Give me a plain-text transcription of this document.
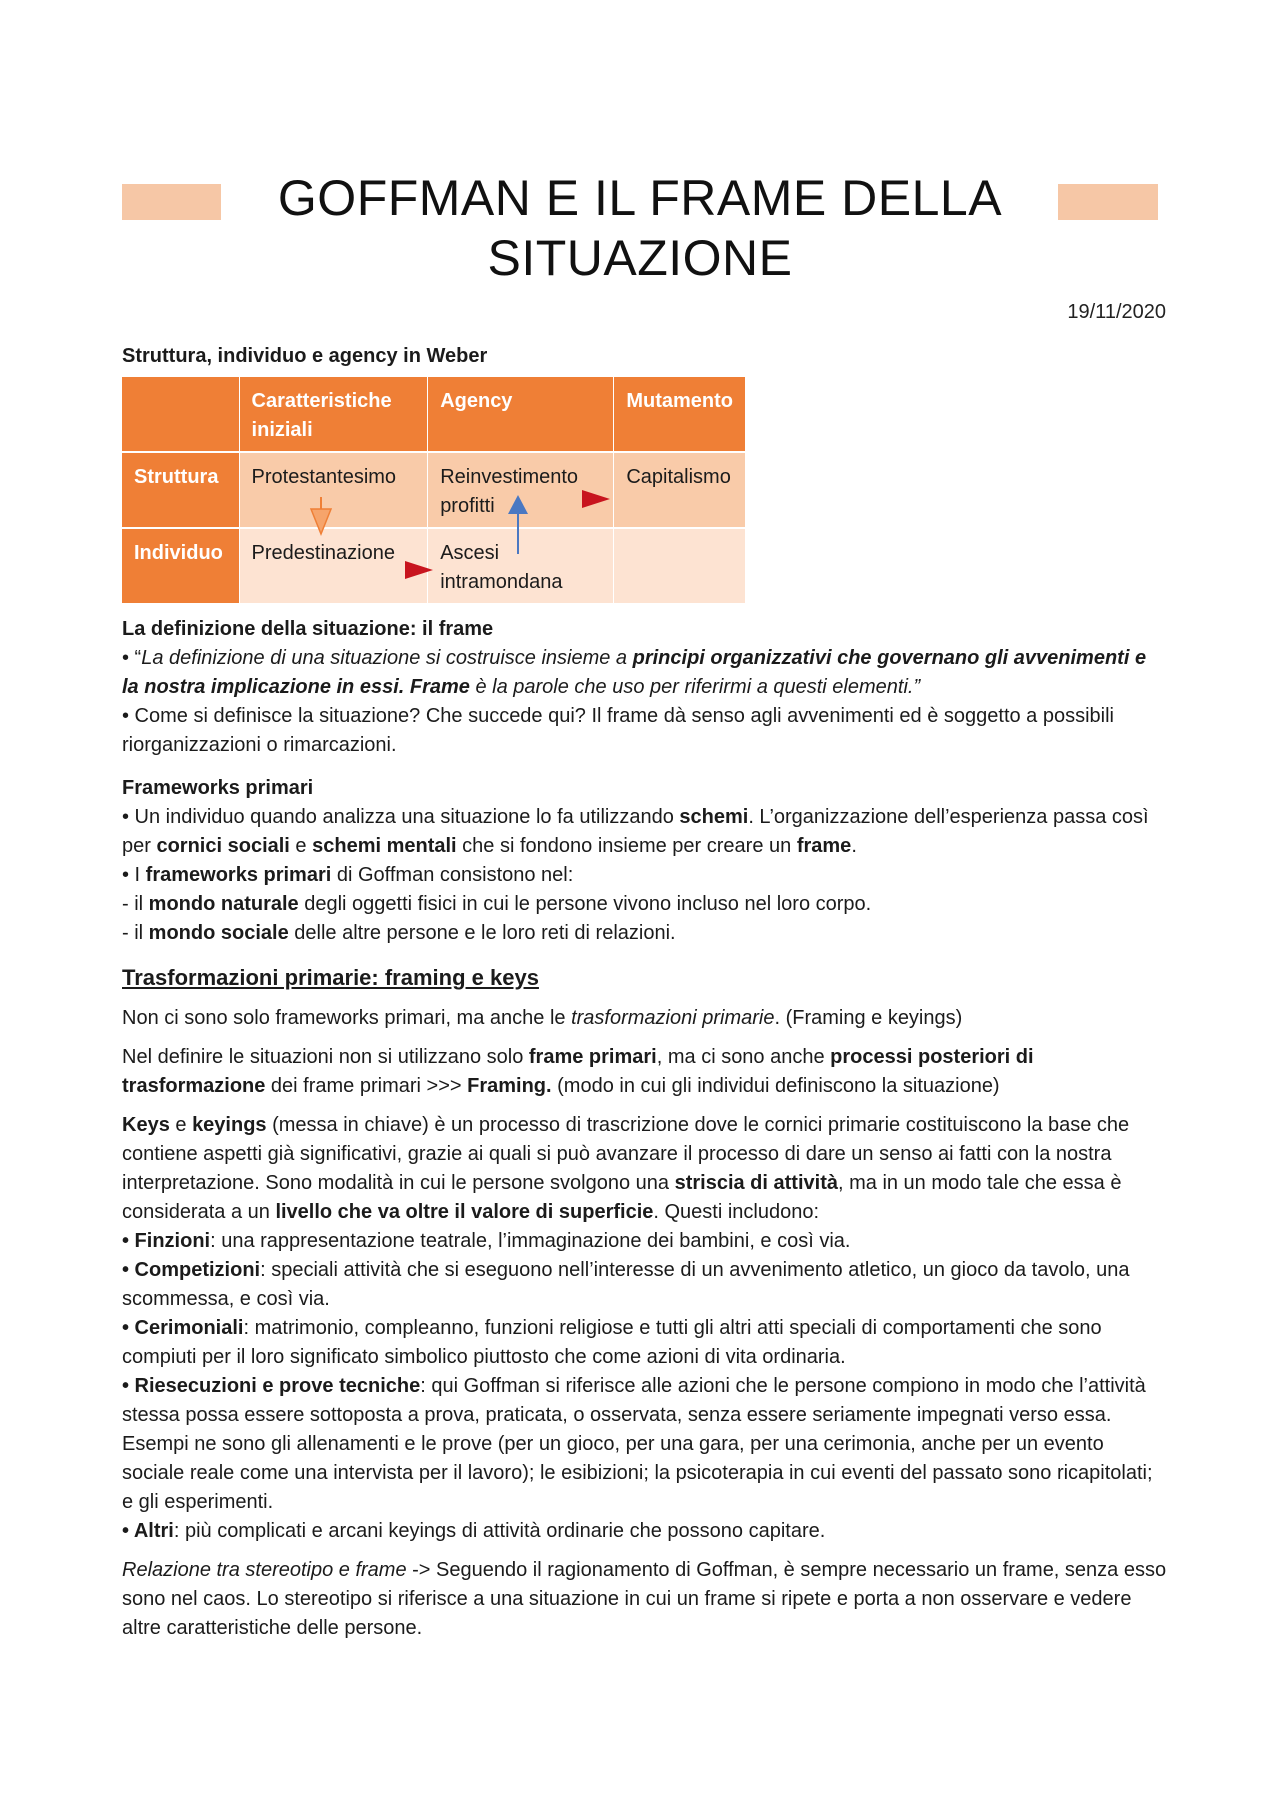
GOFFMAN E IL FRAME DELLA SITUAZIONE
19/11/2020
Struttura, individuo e agency in Weber
	Caratteristiche iniziali	Agency	Mutamento
Struttura	Protestantesimo	Reinvestimento profitti	Capitalismo
Individuo	Predestinazione	Ascesi intramondana	
La definizione della situazione: il frame
• “La definizione di una situazione si costruisce insieme a principi organizzativi che governano gli avvenimenti e la nostra implicazione in essi. Frame è la parole che uso per riferirmi a questi elementi.”
• Come si definisce la situazione? Che succede qui? Il frame dà senso agli avvenimenti ed è soggetto a possibili riorganizzazioni o rimarcazioni.
Frameworks primari
• Un individuo quando analizza una situazione lo fa utilizzando schemi. L’organizzazione dell’esperienza passa così per cornici sociali e schemi mentali che si fondono insieme per creare un frame.
• I frameworks primari di Goffman consistono nel:
- il mondo naturale degli oggetti fisici in cui le persone vivono incluso nel loro corpo.
- il mondo sociale delle altre persone e le loro reti di relazioni.
Trasformazioni primarie: framing e keys

Non ci sono solo frameworks primari, ma anche le trasformazioni primarie. (Framing e keyings)

Nel definire le situazioni non si utilizzano solo frame primari, ma ci sono anche processi posteriori di trasformazione dei frame primari >>> Framing. (modo in cui gli individui definiscono la situazione)

Keys e keyings (messa in chiave) è un processo di trascrizione dove le cornici primarie costituiscono la base che contiene aspetti già significativi, grazie ai quali si può avanzare il processo di dare un senso ai fatti con la nostra interpretazione. Sono modalità in cui le persone svolgono una striscia di attività, ma in un modo tale che essa è considerata a un livello che va oltre il valore di superficie. Questi includono:
• Finzioni: una rappresentazione teatrale, l’immaginazione dei bambini, e così via.
• Competizioni: speciali attività che si eseguono nell’interesse di un avvenimento atletico, un gioco da tavolo, una scommessa, e così via.
• Cerimoniali: matrimonio, compleanno, funzioni religiose e tutti gli altri atti speciali di comportamenti che sono compiuti per il loro significato simbolico piuttosto che come azioni di vita ordinaria.
• Riesecuzioni e prove tecniche: qui Goffman si riferisce alle azioni che le persone compiono in modo che l’attività stessa possa essere sottoposta a prova, praticata, o osservata, senza essere seriamente impegnati verso essa. Esempi ne sono gli allenamenti e le prove (per un gioco, per una gara, per una cerimonia, anche per un evento sociale reale come una intervista per il lavoro); le esibizioni; la psicoterapia in cui eventi del passato sono ricapitolati; e gli esperimenti.
• Altri: più complicati e arcani keyings di attività ordinarie che possono capitare.

Relazione tra stereotipo e frame -> Seguendo il ragionamento di Goffman, è sempre necessario un frame, senza esso sono nel caos. Lo stereotipo si riferisce a una situazione in cui un frame si ripete e porta a non osservare e vedere altre caratteristiche delle persone.
